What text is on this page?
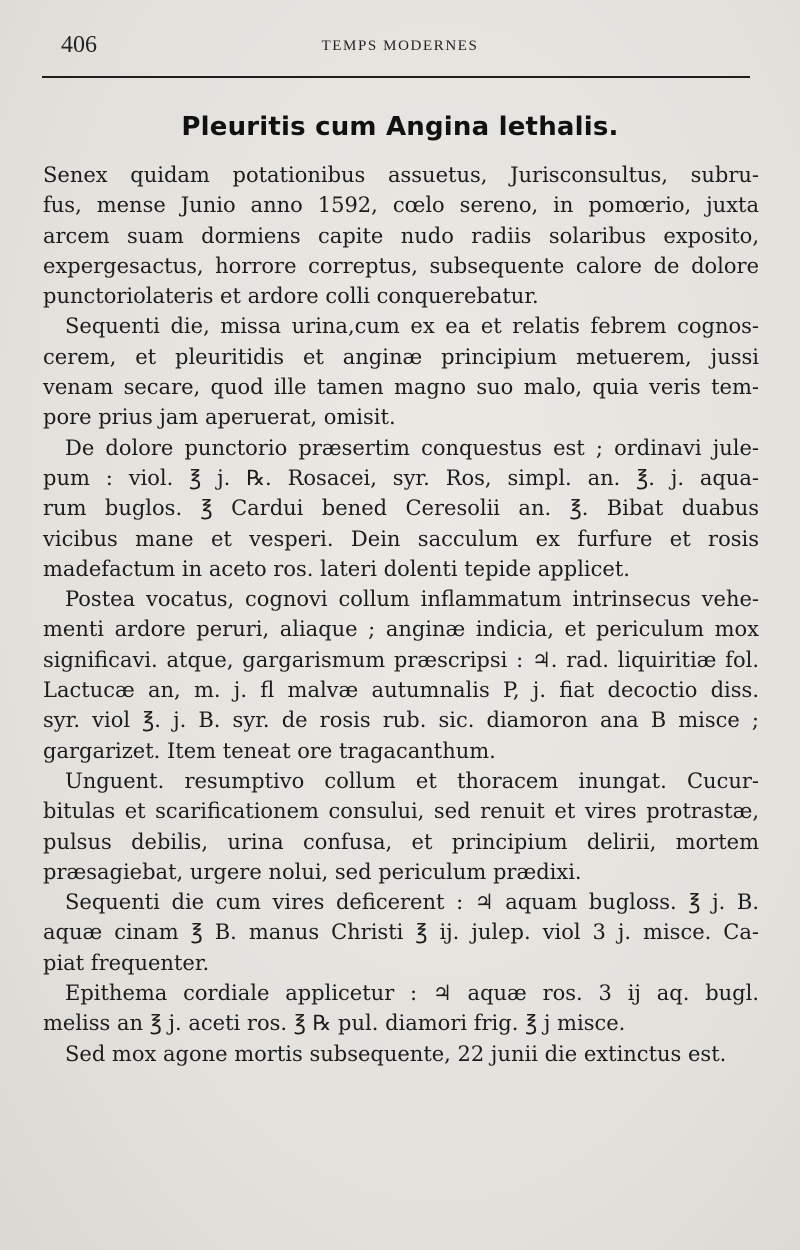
406	TEMPS MODERNES
Pleuritis cum Angina lethalis.
Senex quidam potationibus assuetus, Jurisconsultus, subru-
fus, mense Junio anno 1592, cœlo sereno, in pomœrio, juxta
arcem suam dormiens capite nudo radiis solaribus exposito,
expergesactus, horrore correptus, subsequente calore de dolore
punctoriolateris et ardore colli conquerebatur.
Sequenti die, missa urina,cum ex ea et relatis febrem cognos-
cerem, et pleuritidis et anginæ principium metuerem, jussi
venam secare, quod ille tamen magno suo malo, quia veris tem-
pore prius jam aperuerat, omisit.
De dolore punctorio præsertim conquestus est ; ordinavi jule-
pum : viol. ℥ j. ℞. Rosacei, syr. Ros, simpl. an. ℥. j. aqua-
rum buglos. ℥ Cardui bened Ceresolii an. ℥. Bibat duabus
vicibus mane et vesperi. Dein sacculum ex furfure et rosis
madefactum in aceto ros. lateri dolenti tepide applicet.
Postea vocatus, cognovi collum inflammatum intrinsecus vehe-
menti ardore peruri, aliaque ; anginæ indicia, et periculum mox
significavi. atque, gargarismum præscripsi : ♃. rad. liquiritiæ fol.
Lactucæ an, m. j. fl malvæ autumnalis P, j. fiat decoctio diss.
syr. viol ℥. j. B. syr. de rosis rub. sic. diamoron ana B misce ;
gargarizet. Item teneat ore tragacanthum.
Unguent. resumptivo collum et thoracem inungat. Cucur-
bitulas et scarificationem consului, sed renuit et vires protrastæ,
pulsus debilis, urina confusa, et principium delirii, mortem
præsagiebat, urgere nolui, sed periculum prædixi.
Sequenti die cum vires deficerent : ♃ aquam bugloss. ℥ j. B.
aquæ cinam ℥ B. manus Christi ℥ ij. julep. viol 3 j. misce. Ca-
piat frequenter.
Epithema cordiale applicetur : ♃ aquæ ros. 3 ij aq. bugl.
meliss an ℥ j. aceti ros. ℥ ℞ pul. diamori frig. ℥ j misce.
Sed mox agone mortis subsequente, 22 junii die extinctus est.
